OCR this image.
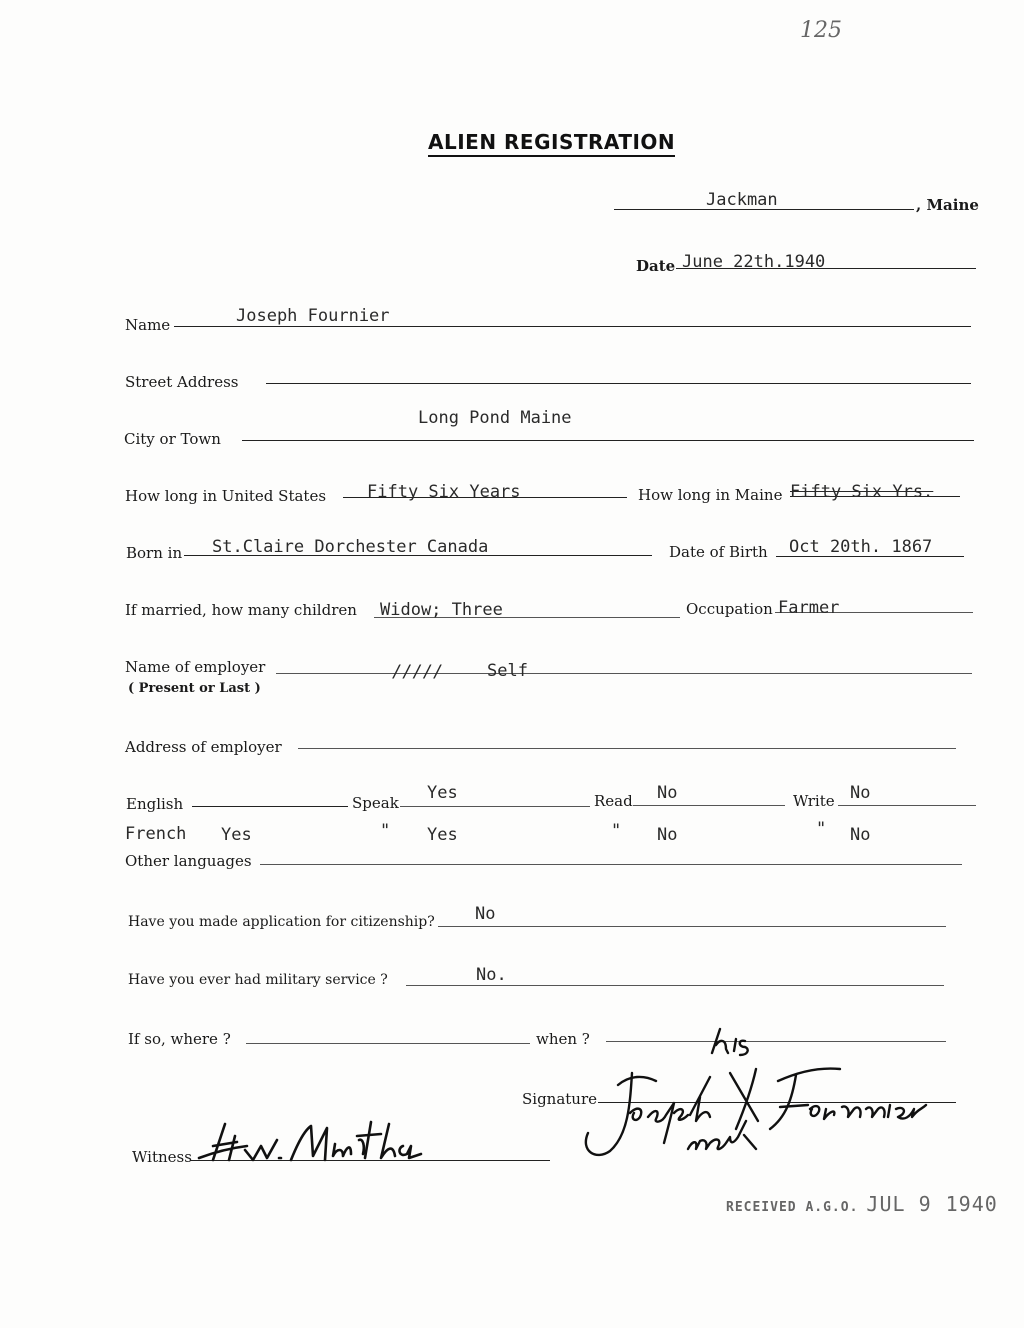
125
ALIEN REGISTRATION
Jackman	, Maine
Date June 22th.1940
Name	Joseph Fournier
Street Address
Long Pond Maine
City or Town
How long in United States Fifty Six Years	How long in Maine Fifty Six Yrs.
Born in St.Claire Dorchester Canada	Date of Birth Oct 20th. 1867
If married, how many children Widow; Three	Occupation Farmer
Name of employer
( Present or Last )
/////	Self
Address of employer
English	Speak Yes	Read No	Write No
French Yes	" Yes	" No	" No
Other languages
Have you made application for citizenship? No
Have you ever had military service ?	No.
If so, where ?	when ?
Signature
Joseph X Fournier
Witness
H.W. Murtha
RECEIVED A.G.O. JUL 9 1940
